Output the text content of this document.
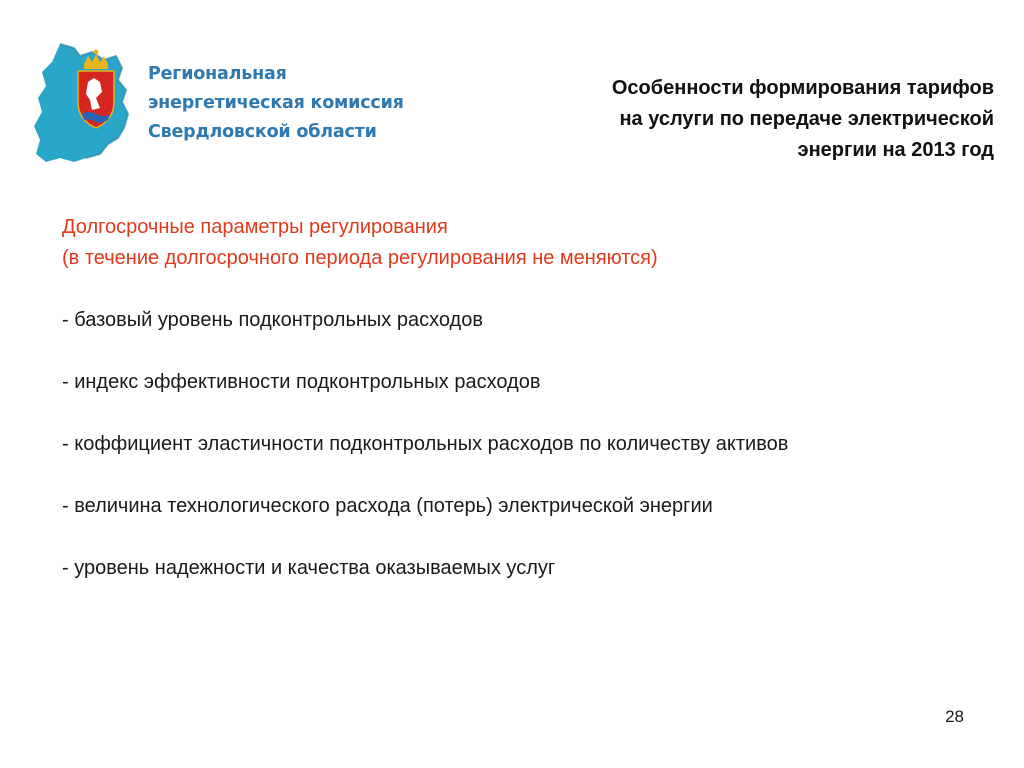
Региональная
энергетическая комиссия
Свердловской области
Особенности формирования тарифов
на услуги по передаче электрической
энергии на 2013 год
Долгосрочные параметры регулирования
(в течение долгосрочного периода регулирования не меняются)
- базовый уровень подконтрольных расходов
- индекс эффективности подконтрольных расходов
- коффициент эластичности подконтрольных расходов по количеству активов
- величина технологического расхода (потерь) электрической энергии
- уровень надежности и качества оказываемых услуг
28
